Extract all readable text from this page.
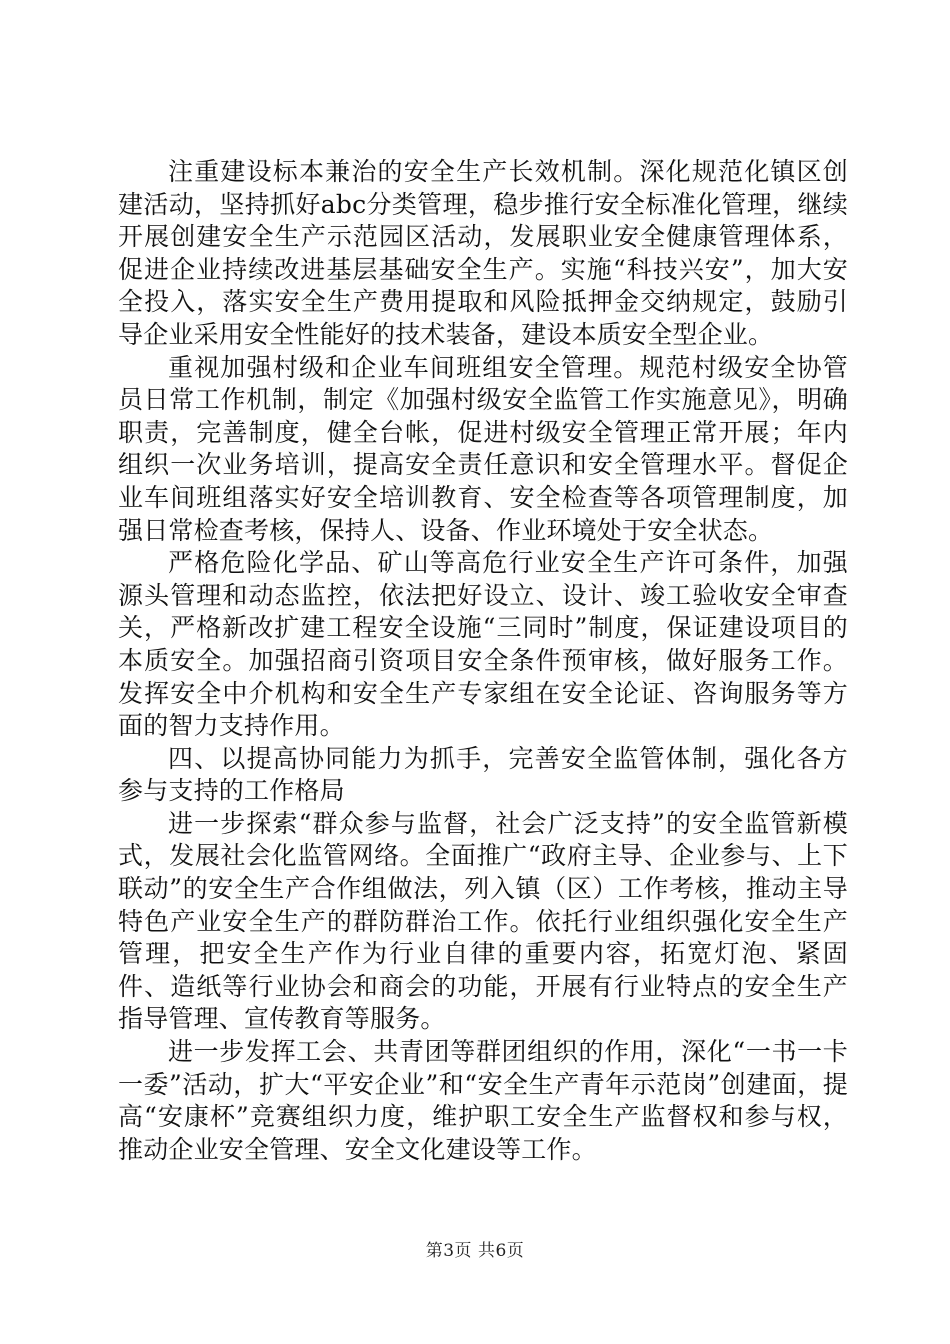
注重建设标本兼治的安全生产长效机制。深化规范化镇区创建活动，坚持抓好abc分类管理，稳步推行安全标准化管理，继续开展创建安全生产示范园区活动，发展职业安全健康管理体系，促进企业持续改进基层基础安全生产。实施“科技兴安”，加大安全投入，落实安全生产费用提取和风险抵押金交纳规定，鼓励引导企业采用安全性能好的技术装备，建设本质安全型企业。

重视加强村级和企业车间班组安全管理。规范村级安全协管员日常工作机制，制定《加强村级安全监管工作实施意见》，明确职责，完善制度，健全台帐，促进村级安全管理正常开展；年内组织一次业务培训，提高安全责任意识和安全管理水平。督促企业车间班组落实好安全培训教育、安全检查等各项管理制度，加强日常检查考核，保持人、设备、作业环境处于安全状态。

严格危险化学品、矿山等高危行业安全生产许可条件，加强源头管理和动态监控，依法把好设立、设计、竣工验收安全审查关，严格新改扩建工程安全设施“三同时”制度，保证建设项目的本质安全。加强招商引资项目安全条件预审核，做好服务工作。发挥安全中介机构和安全生产专家组在安全论证、咨询服务等方面的智力支持作用。

四、以提高协同能力为抓手，完善安全监管体制，强化各方参与支持的工作格局

进一步探索“群众参与监督，社会广泛支持”的安全监管新模式，发展社会化监管网络。全面推广“政府主导、企业参与、上下联动”的安全生产合作组做法，列入镇（区）工作考核，推动主导特色产业安全生产的群防群治工作。依托行业组织强化安全生产管理，把安全生产作为行业自律的重要内容，拓宽灯泡、紧固件、造纸等行业协会和商会的功能，开展有行业特点的安全生产指导管理、宣传教育等服务。

进一步发挥工会、共青团等群团组织的作用，深化“一书一卡一委”活动，扩大“平安企业”和“安全生产青年示范岗”创建面，提高“安康杯”竞赛组织力度，维护职工安全生产监督权和参与权，推动企业安全管理、安全文化建设等工作。

第3页 共6页
